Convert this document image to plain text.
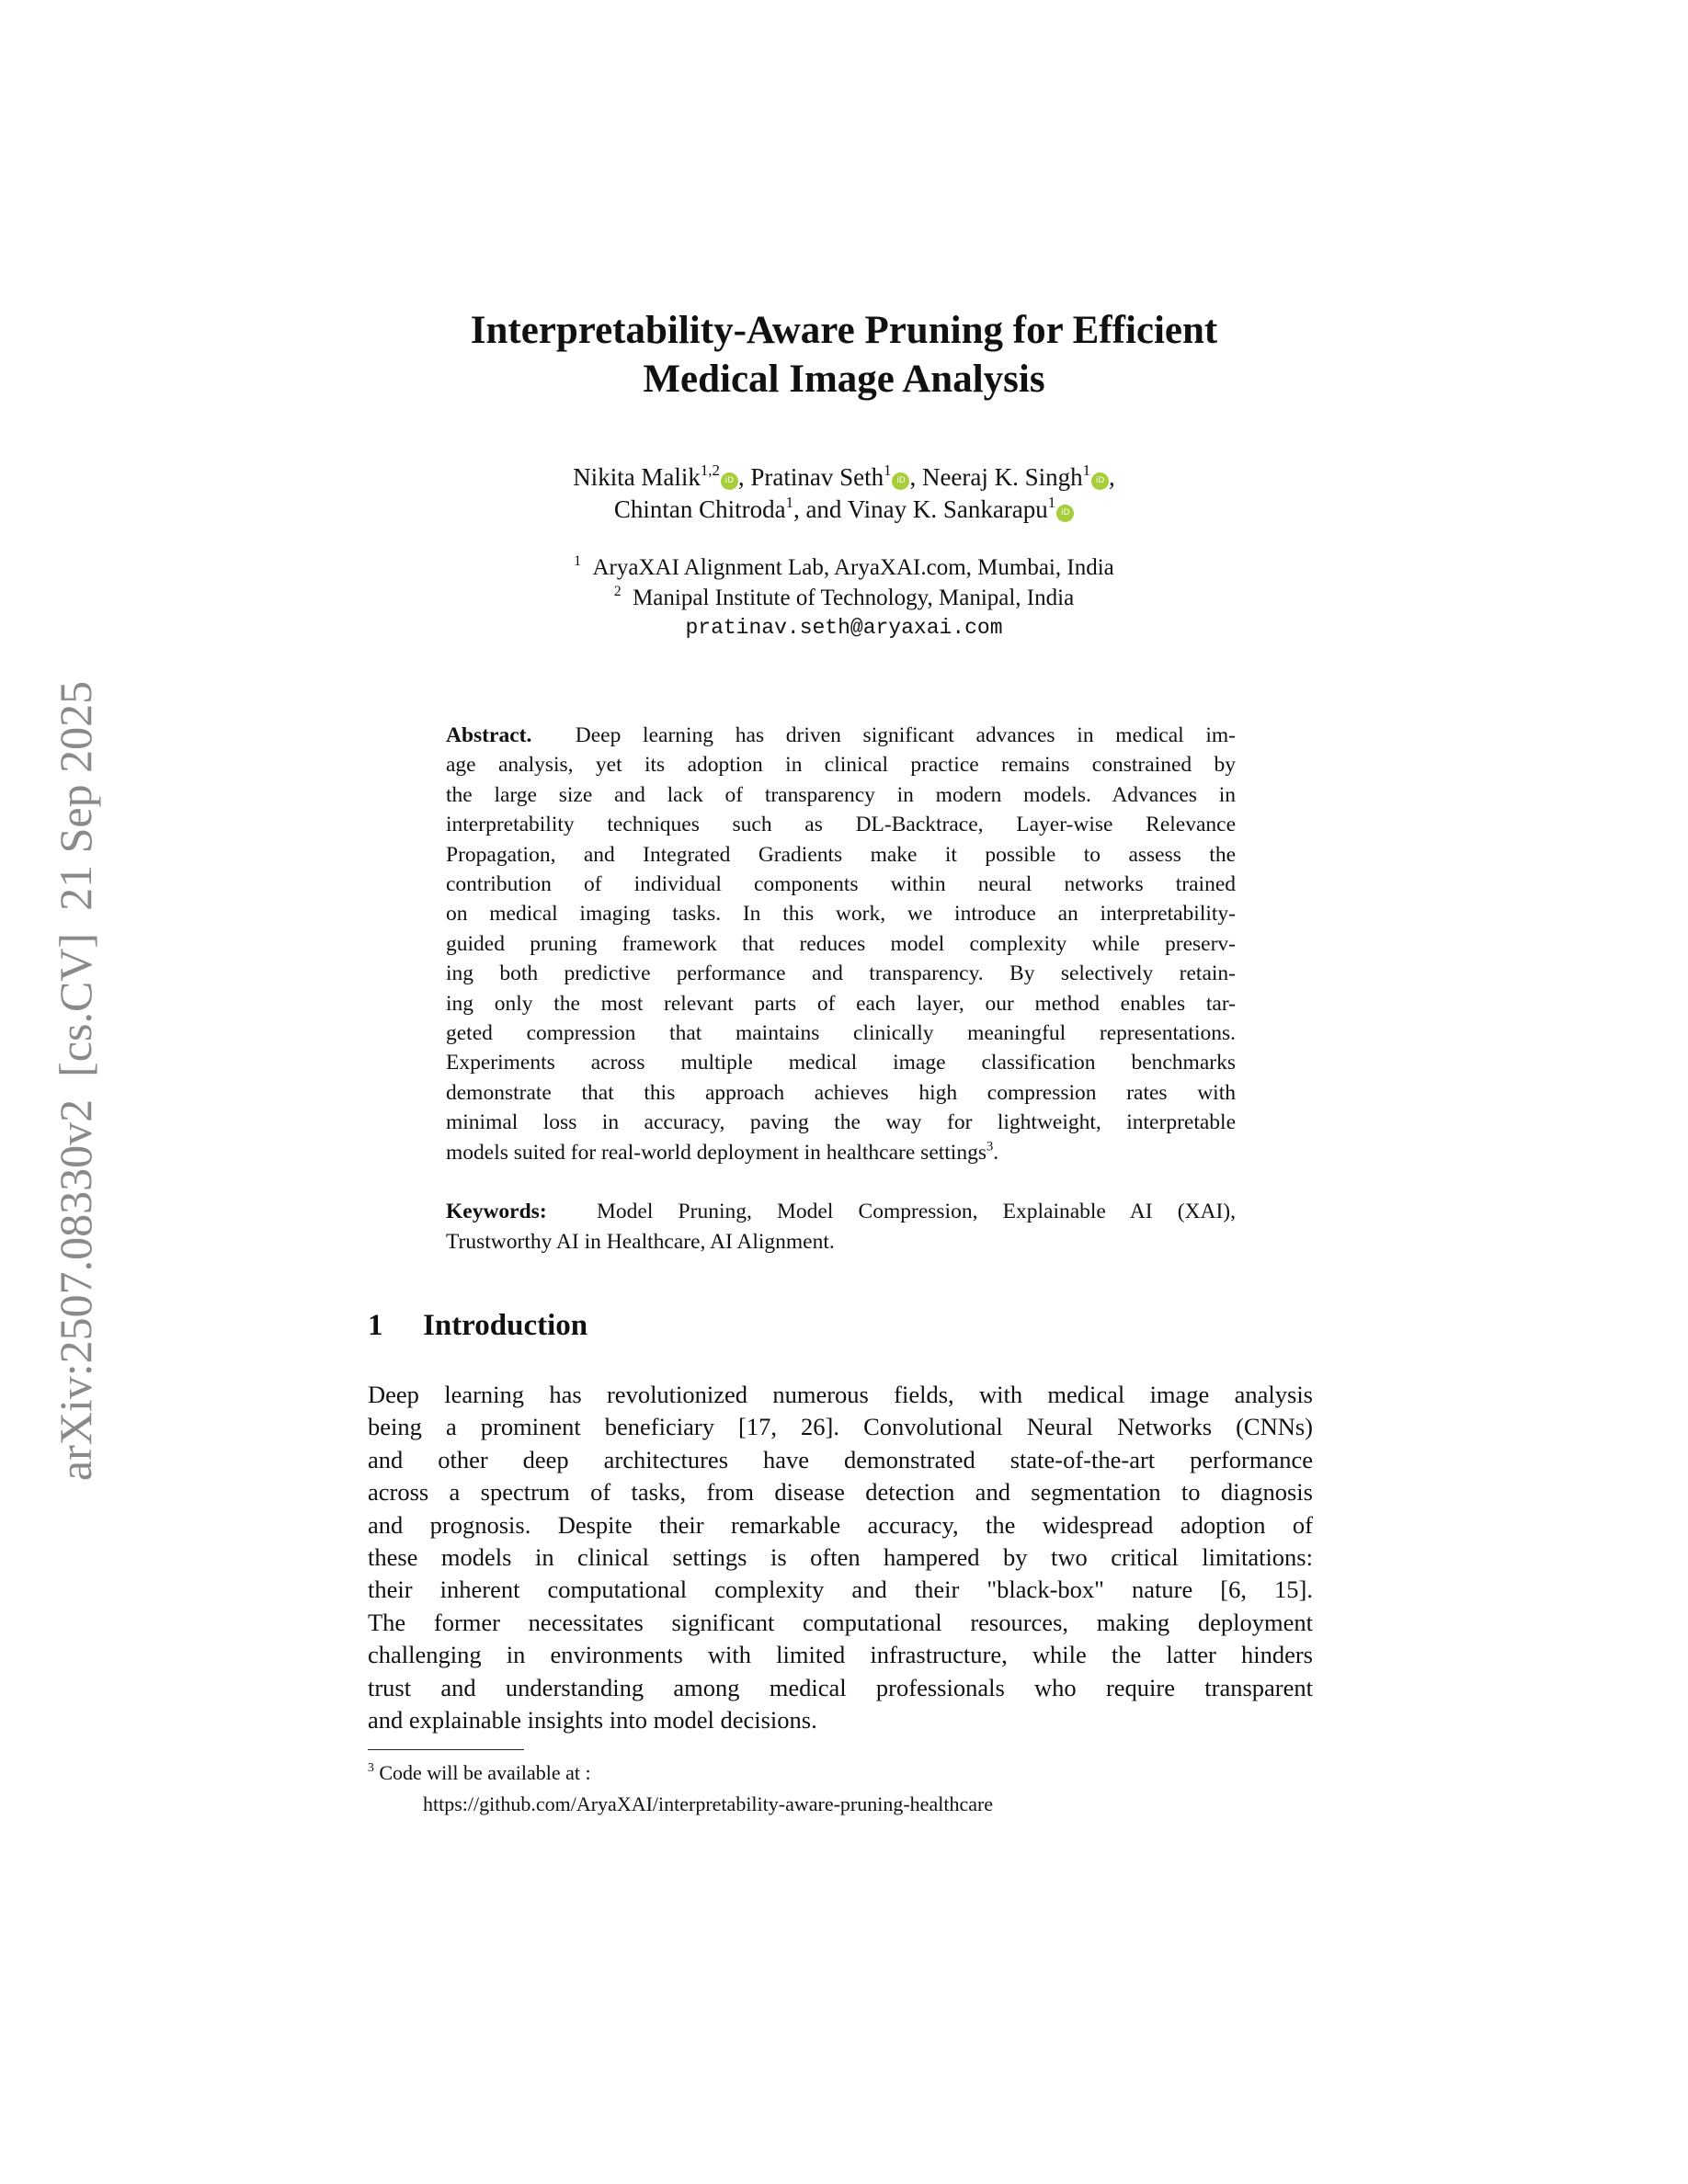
arXiv:2507.08330v2[cs.CV]21 Sep 2025
Interpretability-Aware Pruning for Efficient
Medical Image Analysis
Nikita Malik$^{1,2}$iD , Pratinav Seth$^1$iD , Neeraj K. Singh$^1$iD ,
Chintan Chitroda$^1$, and Vinay K. Sankarapu$^1$iD
$^1$ AryaXAI Alignment Lab, AryaXAI.com, Mumbai, India
$^2$ Manipal Institute of Technology, Manipal, India
pratinav.seth@aryaxai.com
Abstract. Deep learning has driven significant advances in medical im-
age analysis, yet its adoption in clinical practice remains constrained by
the large size and lack of transparency in modern models. Advances in
interpretability techniques such as DL-Backtrace, Layer-wise Relevance
Propagation, and Integrated Gradients make it possible to assess the
contribution of individual components within neural networks trained
on medical imaging tasks. In this work, we introduce an interpretability-
guided pruning framework that reduces model complexity while preserv-
ing both predictive performance and transparency. By selectively retain-
ing only the most relevant parts of each layer, our method enables tar-
geted compression that maintains clinically meaningful representations.
Experiments across multiple medical image classification benchmarks
demonstrate that this approach achieves high compression rates with
minimal loss in accuracy, paving the way for lightweight, interpretable
models suited for real-world deployment in healthcare settings$^3$.
Keywords: Model Pruning, Model Compression, Explainable AI (XAI),
Trustworthy AI in Healthcare, AI Alignment.
1 Introduction
Deep learning has revolutionized numerous fields, with medical image analysis
being a prominent beneficiary [17, 26]. Convolutional Neural Networks (CNNs)
and other deep architectures have demonstrated state-of-the-art performance
across a spectrum of tasks, from disease detection and segmentation to diagnosis
and prognosis. Despite their remarkable accuracy, the widespread adoption of
these models in clinical settings is often hampered by two critical limitations:
their inherent computational complexity and their "black-box" nature [6, 15].
The former necessitates significant computational resources, making deployment
challenging in environments with limited infrastructure, while the latter hinders
trust and understanding among medical professionals who require transparent
and explainable insights into model decisions.
$^3$ Code will be available at :
https://github.com/AryaXAI/interpretability-aware-pruning-healthcare
